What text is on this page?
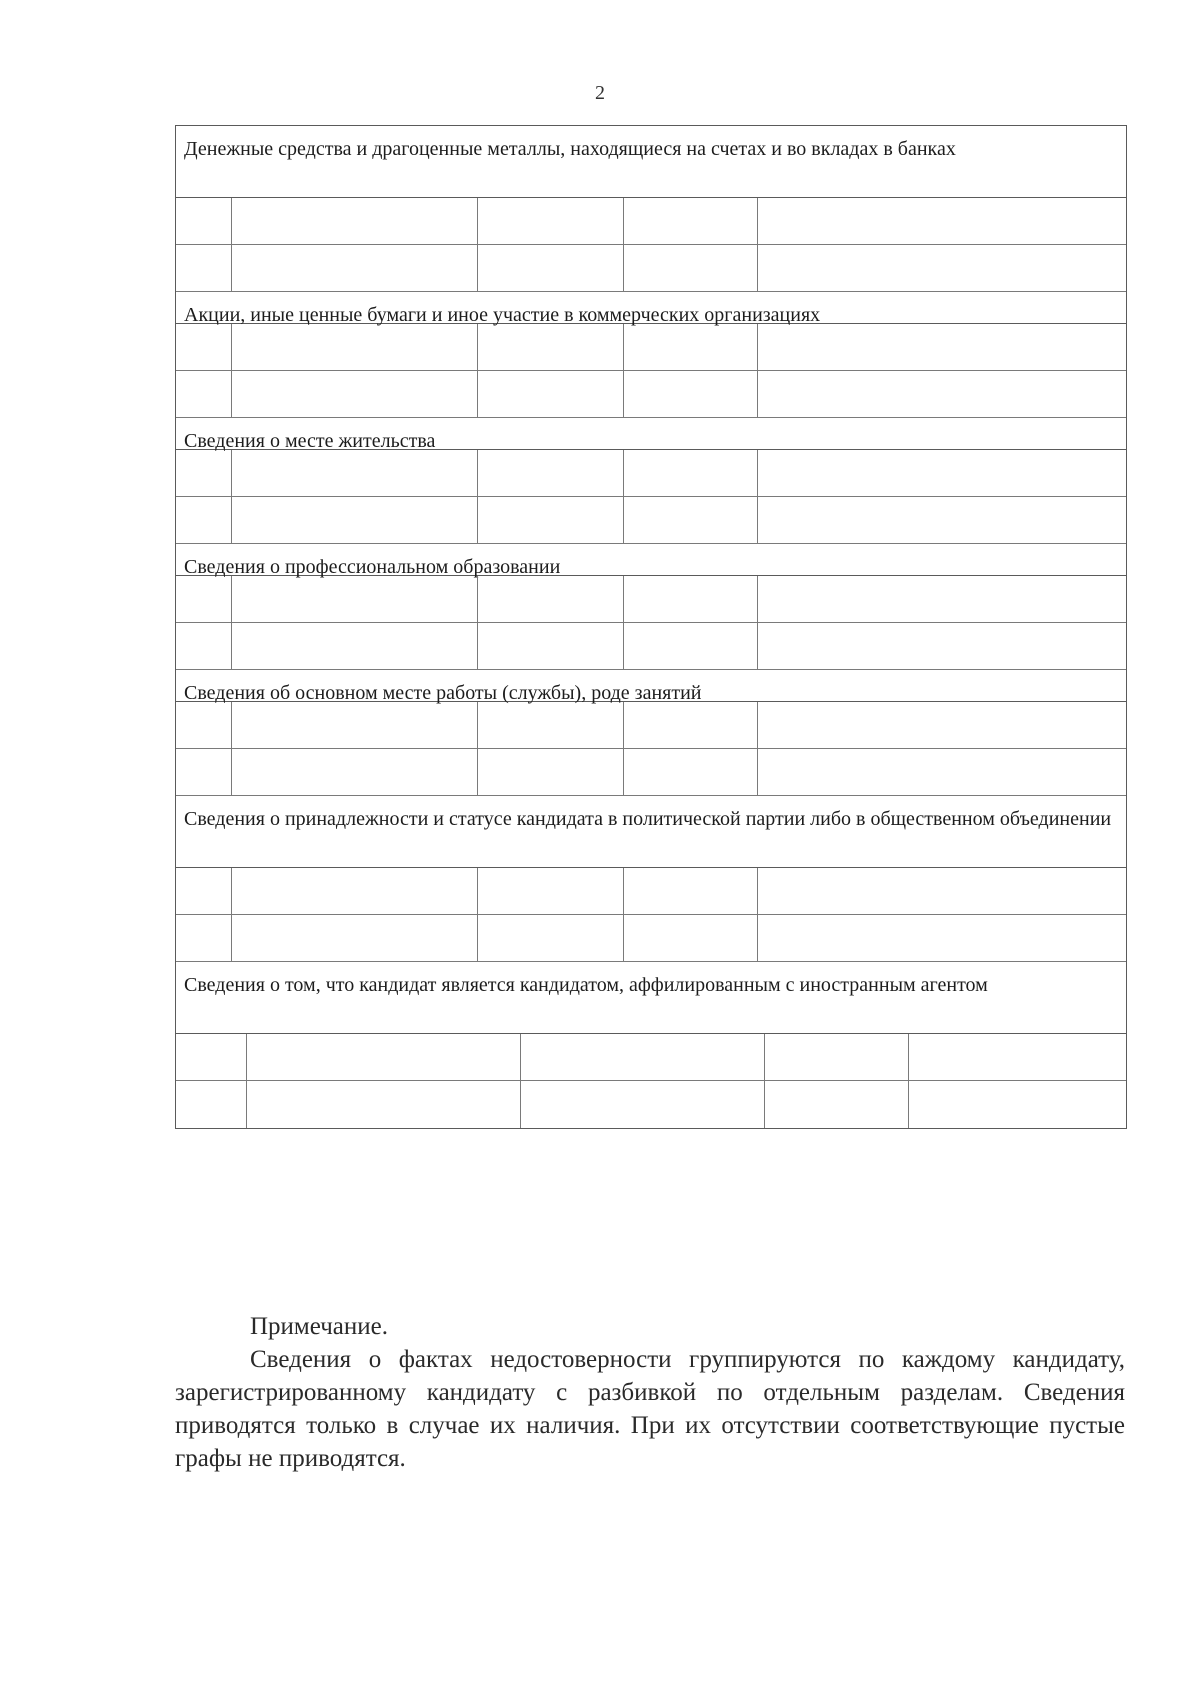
2
Денежные средства и драгоценные металлы, находящиеся на счетах и во вкладах в банках
Акции, иные ценные бумаги и иное участие в коммерческих организациях
Сведения о месте жительства
Сведения о профессиональном образовании
Сведения об основном месте работы (службы), роде занятий
Сведения о принадлежности и статусе кандидата в политической партии либо в общественном объединении
Сведения о том, что кандидат является кандидатом, аффилированным с иностранным агентом
Примечание.

Сведения о фактах недостоверности группируются по каждому кандидату, зарегистрированному кандидату с разбивкой по отдельным разделам. Сведения приводятся только в случае их наличия. При их отсутствии соответствующие пустые графы не приводятся.
